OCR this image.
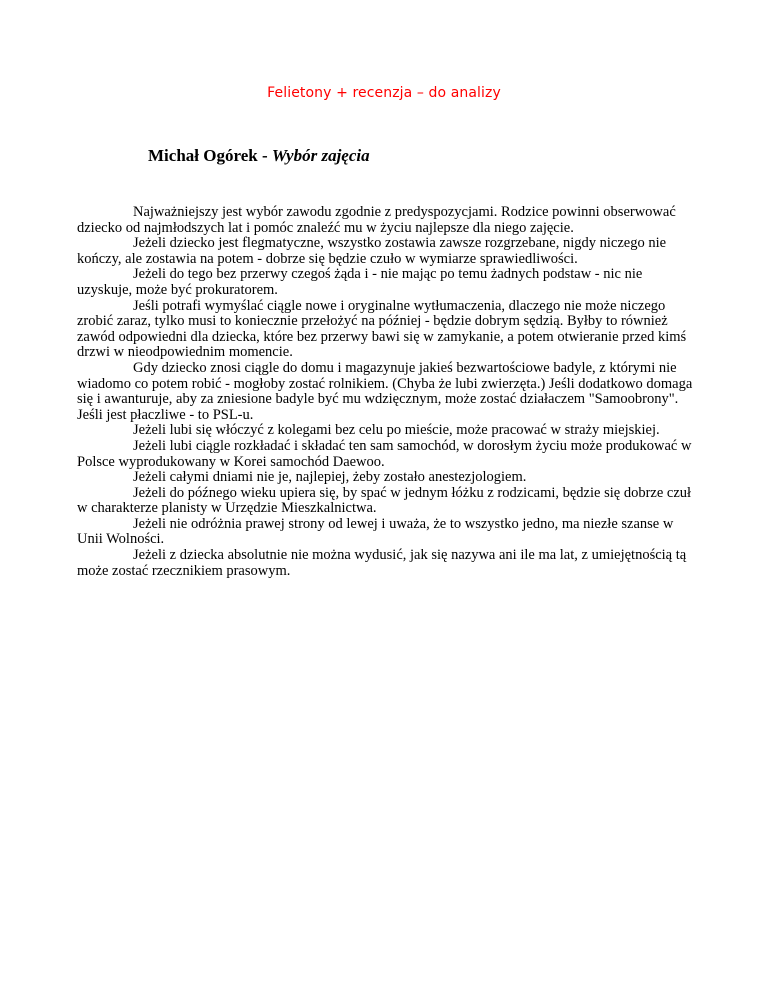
Felietony + recenzja – do analizy
Michał Ogórek - Wybór zajęcia

Najważniejszy jest wybór zawodu zgodnie z predyspozycjami. Rodzice powinni obserwować dziecko od najmłodszych lat i pomóc znaleźć mu w życiu najlepsze dla niego zajęcie.

Jeżeli dziecko jest flegmatyczne, wszystko zostawia zawsze rozgrzebane, nigdy niczego nie kończy, ale zostawia na potem - dobrze się będzie czuło w wymiarze sprawiedliwości.

Jeżeli do tego bez przerwy czegoś żąda i - nie mając po temu żadnych podstaw - nic nie uzyskuje, może być prokuratorem.

Jeśli potrafi wymyślać ciągle nowe i oryginalne wytłumaczenia, dlaczego nie może niczego zrobić zaraz, tylko musi to koniecznie przełożyć na później - będzie dobrym sędzią. Byłby to również zawód odpowiedni dla dziecka, które bez przerwy bawi się w zamykanie, a potem otwieranie przed kimś drzwi w nieodpowiednim momencie.

Gdy dziecko znosi ciągle do domu i magazynuje jakieś bezwartościowe badyle, z którymi nie wiadomo co potem robić - mogłoby zostać rolnikiem. (Chyba że lubi zwierzęta.) Jeśli dodatkowo domaga się i awanturuje, aby za zniesione badyle być mu wdzięcznym, może zostać działaczem "Samoobrony". Jeśli jest płaczliwe - to PSL-u.

Jeżeli lubi się włóczyć z kolegami bez celu po mieście, może pracować w straży miejskiej.

Jeżeli lubi ciągle rozkładać i składać ten sam samochód, w dorosłym życiu może produkować w Polsce wyprodukowany w Korei samochód Daewoo.

Jeżeli całymi dniami nie je, najlepiej, żeby zostało anestezjologiem.

Jeżeli do późnego wieku upiera się, by spać w jednym łóżku z rodzicami, będzie się dobrze czuł w charakterze planisty w Urzędzie Mieszkalnictwa.

Jeżeli nie odróżnia prawej strony od lewej i uważa, że to wszystko jedno, ma niezłe szanse w Unii Wolności.

Jeżeli z dziecka absolutnie nie można wydusić, jak się nazywa ani ile ma lat, z umiejętnością tą może zostać rzecznikiem prasowym.
